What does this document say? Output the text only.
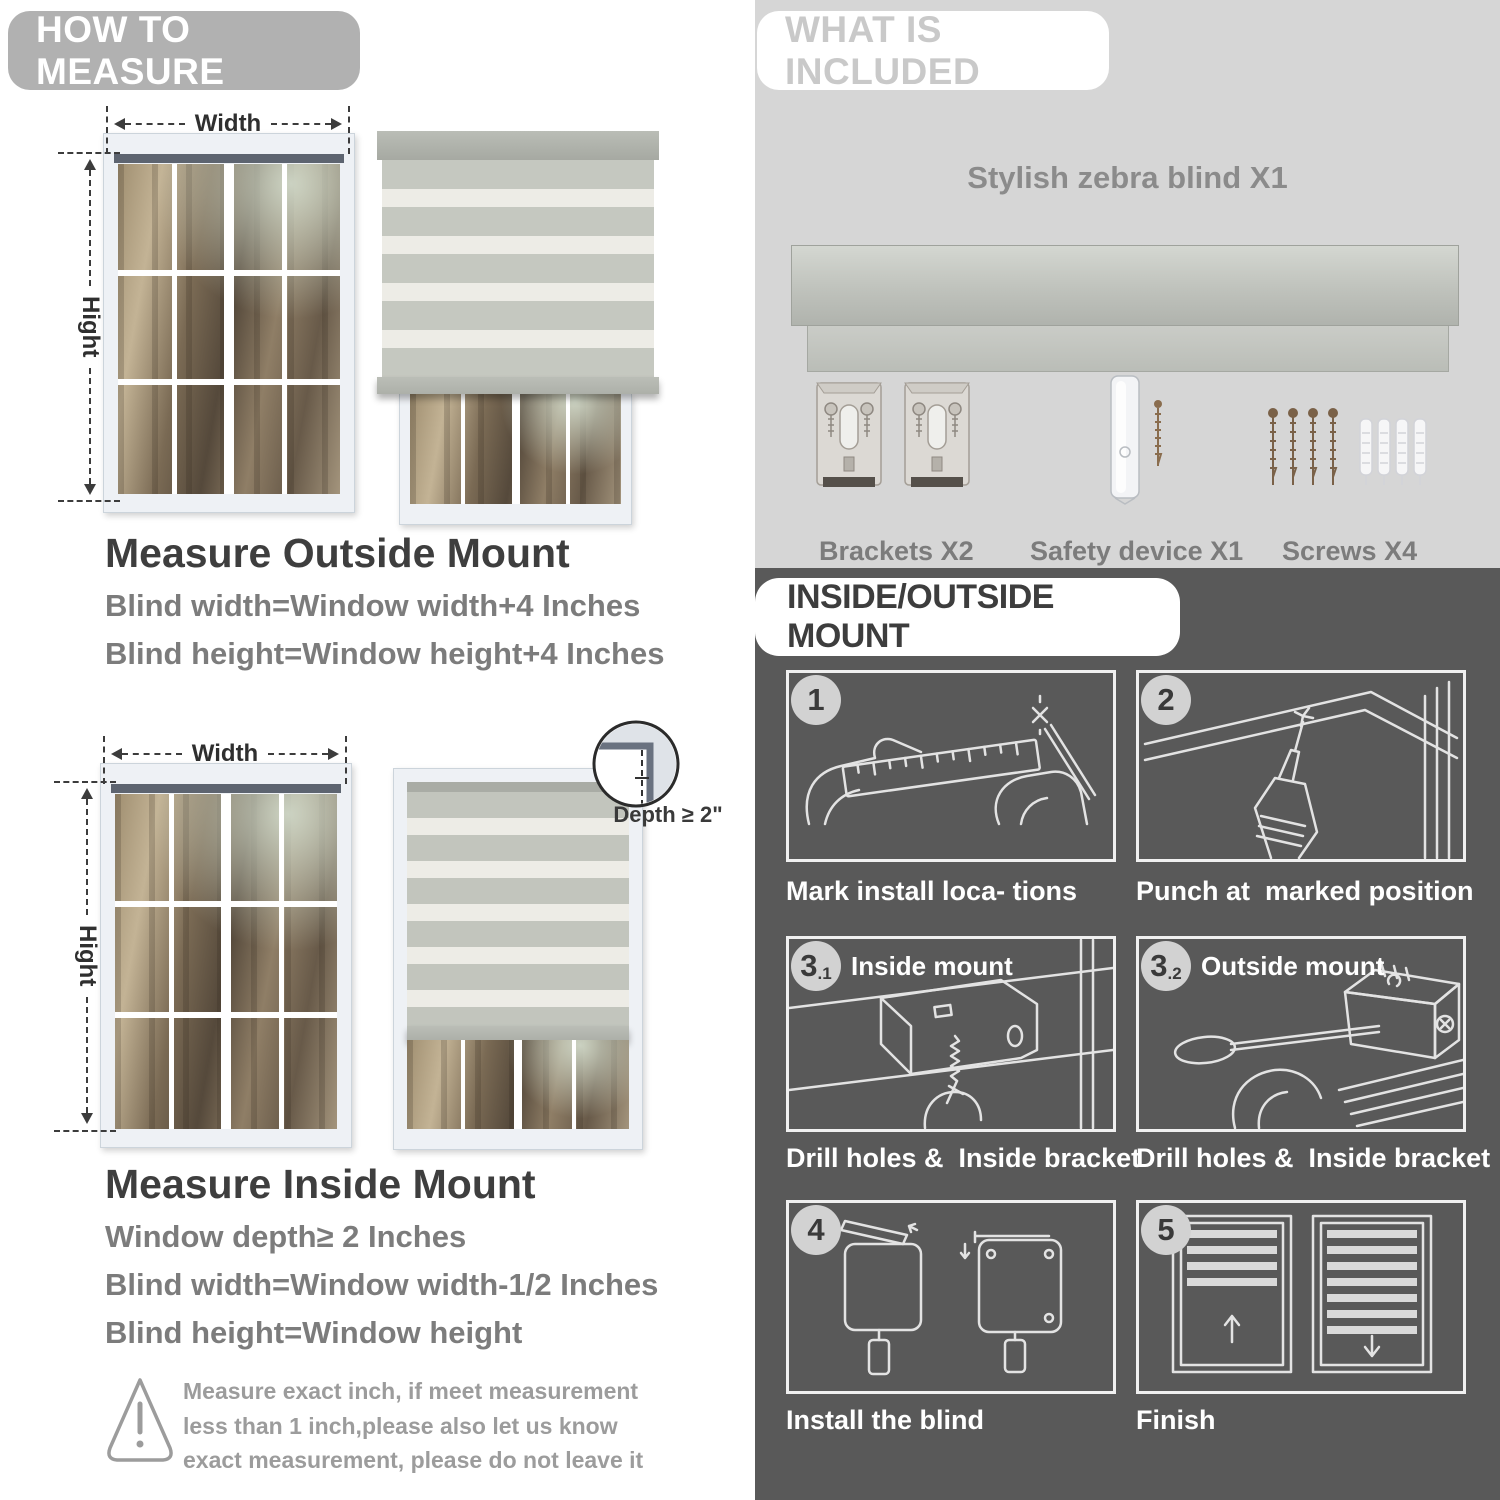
HOW TO MEASURE
Width
Hight
Measure Outside Mount
Blind width=Window width+4 Inches
Blind height=Window height+4 Inches
Width
Hight
Depth ≥ 2"
Measure Inside Mount
Window depth≥ 2 Inches
Blind width=Window width-1/2 Inches
Blind height=Window height
Measure exact inch, if meet measurement less than 1 inch,please also let us know exact measurement, please do not leave it
WHAT IS INCLUDED
Stylish zebra blind X1
Brackets X2 Safety device X1 Screws X4
INSIDE/OUTSIDE MOUNT
1
Mark install loca- tions
2
Punch at  marked position
3 .1 Inside mount
Drill holes &  Inside bracket
3 .2 Outside mount
Drill holes &  Inside bracket
4
Install the blind
5
Finish
